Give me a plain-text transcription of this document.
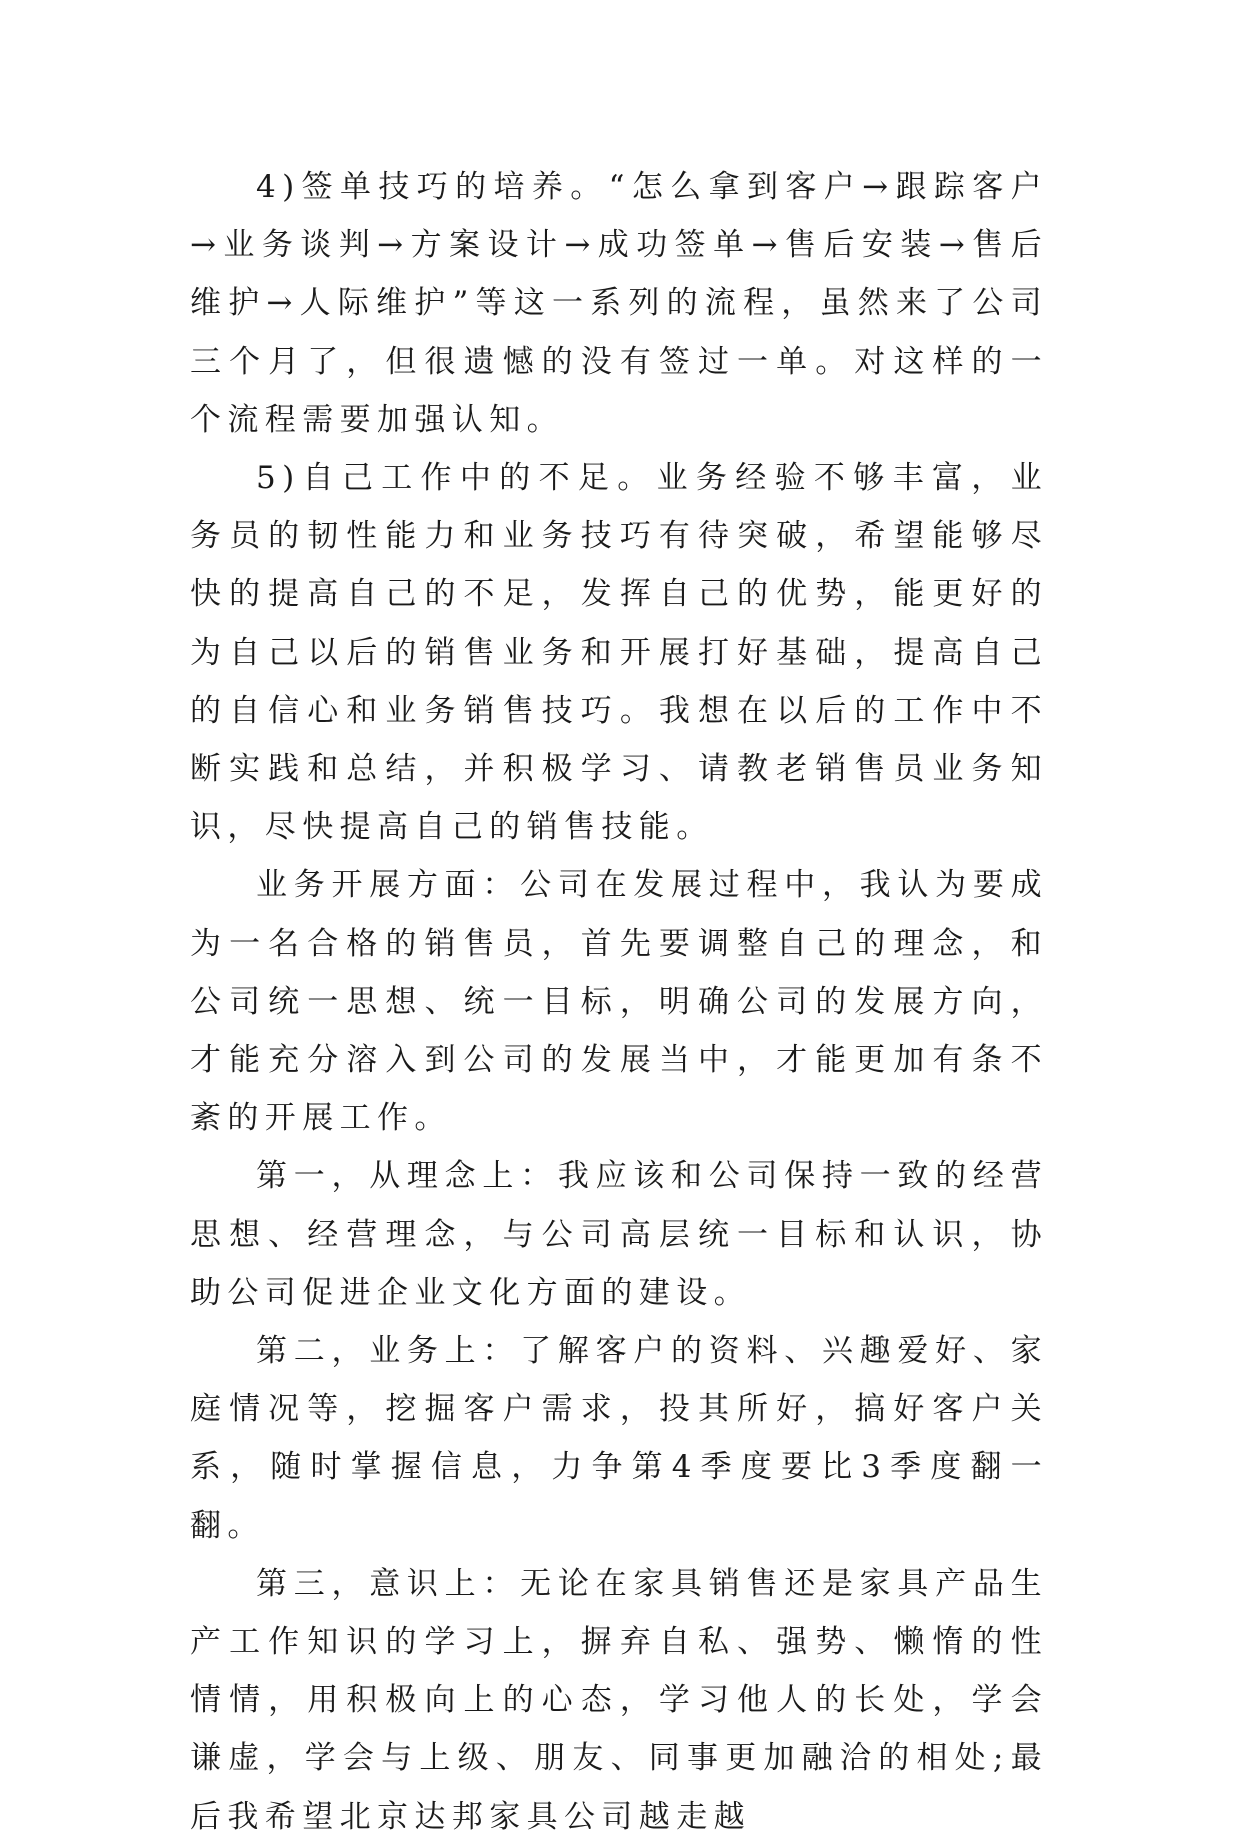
4)签单技巧的培养。“怎么拿到客户→跟踪客户→业务谈判→方案设计→成功签单→售后安装→售后维护→人际维护”等这一系列的流程，虽然来了公司三个月了，但很遗憾的没有签过一单。对这样的一个流程需要加强认知。

5)自己工作中的不足。业务经验不够丰富，业务员的韧性能力和业务技巧有待突破，希望能够尽快的提高自己的不足，发挥自己的优势，能更好的为自己以后的销售业务和开展打好基础，提高自己的自信心和业务销售技巧。我想在以后的工作中不断实践和总结，并积极学习、请教老销售员业务知识，尽快提高自己的销售技能。

业务开展方面：公司在发展过程中，我认为要成为一名合格的销售员，首先要调整自己的理念，和公司统一思想、统一目标，明确公司的发展方向，才能充分溶入到公司的发展当中，才能更加有条不紊的开展工作。

第一，从理念上：我应该和公司保持一致的经营思想、经营理念，与公司高层统一目标和认识，协助公司促进企业文化方面的建设。

第二，业务上：了解客户的资料、兴趣爱好、家庭情况等，挖掘客户需求，投其所好，搞好客户关系，随时掌握信息，力争第4季度要比3季度翻一翻。

第三，意识上：无论在家具销售还是家具产品生产工作知识的学习上，摒弃自私、强势、懒惰的性情情，用积极向上的心态，学习他人的长处，学会谦虚，学会与上级、朋友、同事更加融洽的相处;最后我希望北京达邦家具公司越走越
